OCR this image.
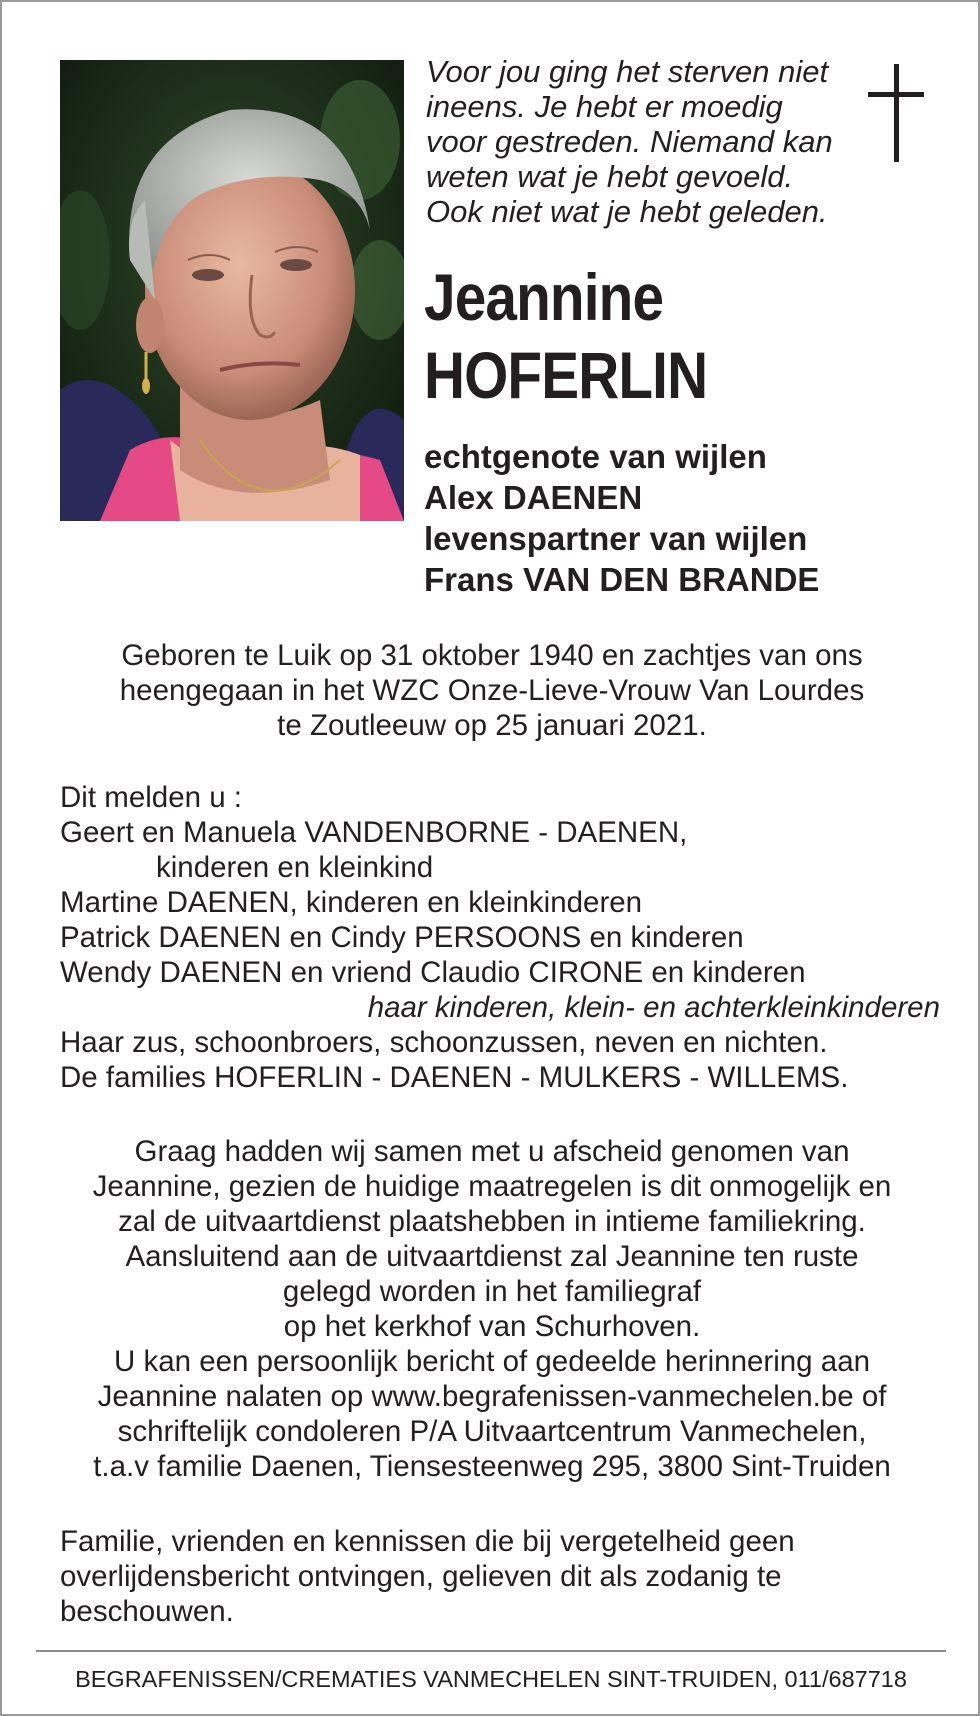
Voor jou ging het sterven niet
ineens. Je hebt er moedig
voor gestreden. Niemand kan
weten wat je hebt gevoeld.
Ook niet wat je hebt geleden.
Jeannine
HOFERLIN
echtgenote van wijlen
Alex DAENEN
levenspartner van wijlen
Frans VAN DEN BRANDE
Geboren te Luik op 31 oktober 1940 en zachtjes van ons
heengegaan in het WZC Onze-Lieve-Vrouw Van Lourdes
te Zoutleeuw op 25 januari 2021.
Dit melden u :
Geert en Manuela VANDENBORNE - DAENEN,
kinderen en kleinkind
Martine DAENEN, kinderen en kleinkinderen
Patrick DAENEN en Cindy PERSOONS en kinderen
Wendy DAENEN en vriend Claudio CIRONE en kinderen
haar kinderen, klein- en achterkleinkinderen
Haar zus, schoonbroers, schoonzussen, neven en nichten.
De families HOFERLIN - DAENEN - MULKERS - WILLEMS.
Graag hadden wij samen met u afscheid genomen van
Jeannine, gezien de huidige maatregelen is dit onmogelijk en
zal de uitvaartdienst plaatshebben in intieme familiekring.
Aansluitend aan de uitvaartdienst zal Jeannine ten ruste
gelegd worden in het familiegraf
op het kerkhof van Schurhoven.
U kan een persoonlijk bericht of gedeelde herinnering aan
Jeannine nalaten op www.begrafenissen-vanmechelen.be of
schriftelijk condoleren P/A Uitvaartcentrum Vanmechelen,
t.a.v familie Daenen, Tiensesteenweg 295, 3800 Sint-Truiden
Familie, vrienden en kennissen die bij vergetelheid geen
overlijdensbericht ontvingen, gelieven dit als zodanig te
beschouwen.
BEGRAFENISSEN/CREMATIES VANMECHELEN SINT-TRUIDEN, 011/687718
